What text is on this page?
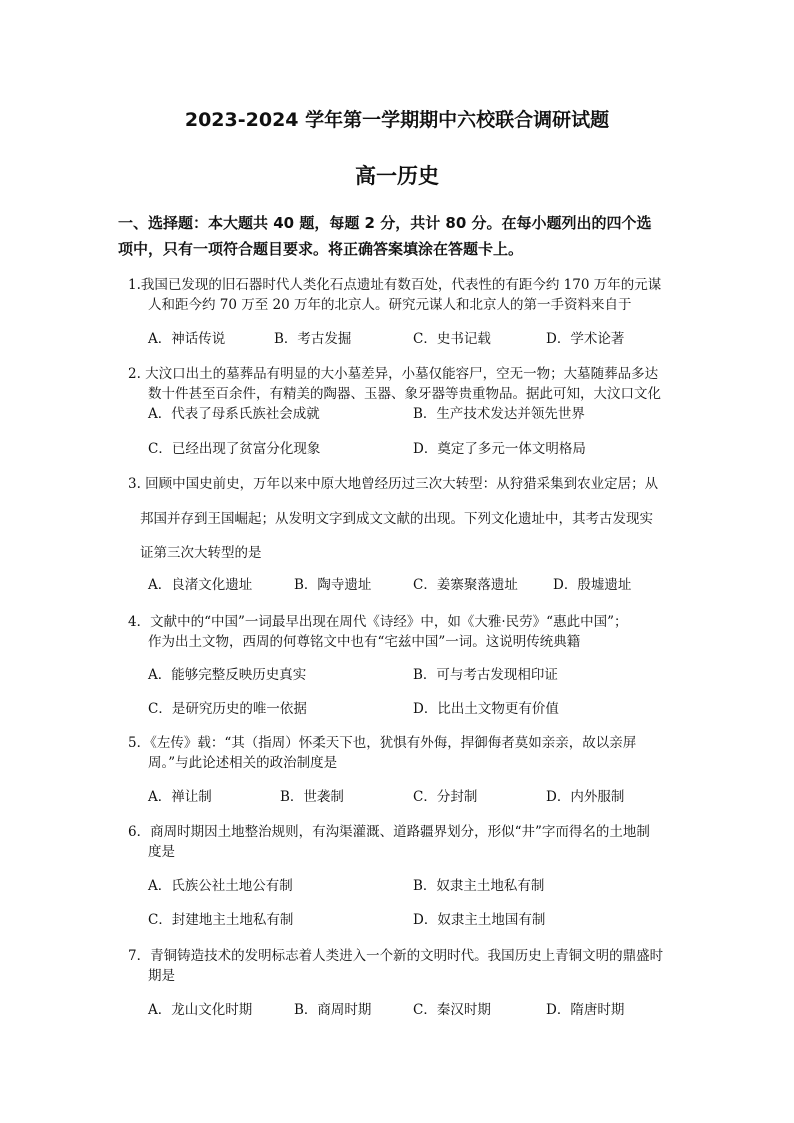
2023-2024 学年第一学期期中六校联合调研试题
高一历史
一、选择题：本大题共 40 题，每题 2 分，共计 80 分。在每小题列出的四个选
项中，只有一项符合题目要求。将正确答案填涂在答题卡上。
1.我国已发现的旧石器时代人类化石点遗址有数百处，代表性的有距今约 170 万年的元谋
人和距今约 70 万至 20 万年的北京人。研究元谋人和北京人的第一手资料来自于
A．神话传说	B．考古发掘	C．史书记载	D．学术论著
2. 大汶口出土的墓葬品有明显的大小墓差异，小墓仅能容尸，空无一物；大墓随葬品多达
数十件甚至百余件，有精美的陶器、玉器、象牙器等贵重物品。据此可知，大汶口文化
A．代表了母系氏族社会成就	B．生产技术发达并领先世界
C．已经出现了贫富分化现象	D．奠定了多元一体文明格局
3. 回顾中国史前史，万年以来中原大地曾经历过三次大转型：从狩猎采集到农业定居；从
邦国并存到王国崛起；从发明文字到成文文献的出现。下列文化遗址中，其考古发现实
证第三次大转型的是
A．良渚文化遗址	B．陶寺遗址	C．姜寨聚落遗址	D．殷墟遗址
4．文献中的“中国”一词最早出现在周代《诗经》中，如《大雅·民劳》“惠此中国”；
作为出土文物，西周的何尊铭文中也有“宅兹中国”一词。这说明传统典籍
A．能够完整反映历史真实	B．可与考古发现相印证
C．是研究历史的唯一依据	D．比出土文物更有价值
5．《左传》载：“其（指周）怀柔天下也，犹惧有外侮，捍御侮者莫如亲亲，故以亲屏
周。”与此论述相关的政治制度是
A．禅让制	B．世袭制	C．分封制	D．内外服制
6．商周时期因土地整治规则，有沟渠灌溉、道路疆界划分，形似“井”字而得名的土地制
度是
A．氏族公社土地公有制	B．奴隶主土地私有制
C．封建地主土地私有制	D．奴隶主土地国有制
7．青铜铸造技术的发明标志着人类进入一个新的文明时代。我国历史上青铜文明的鼎盛时
期是
A．龙山文化时期	B．商周时期	C．秦汉时期	D．隋唐时期
